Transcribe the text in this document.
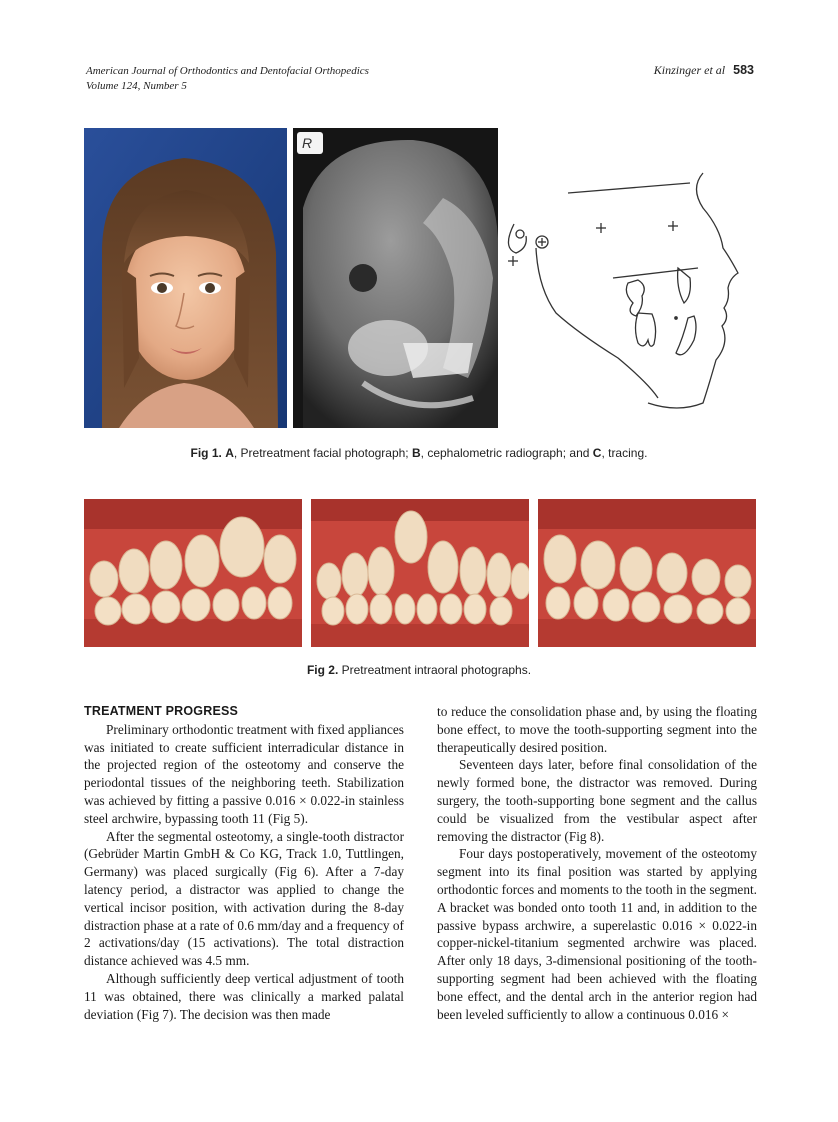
American Journal of Orthodontics and Dentofacial Orthopedics
Volume 124, Number 5
Kinzinger et al 583
R
Fig 1. A, Pretreatment facial photograph; B, cephalometric radiograph; and C, tracing.
Fig 2. Pretreatment intraoral photographs.
TREATMENT PROGRESS

Preliminary orthodontic treatment with fixed appliances was initiated to create sufficient interradicular distance in the projected region of the osteotomy and conserve the periodontal tissues of the neighboring teeth. Stabilization was achieved by fitting a passive 0.016 × 0.022-in stainless steel archwire, bypassing tooth 11 (Fig 5).

After the segmental osteotomy, a single-tooth distractor (Gebrüder Martin GmbH & Co KG, Track 1.0, Tuttlingen, Germany) was placed surgically (Fig 6). After a 7-day latency period, a distractor was applied to change the vertical incisor position, with activation during the 8-day distraction phase at a rate of 0.6 mm/day and a frequency of 2 activations/day (15 activations). The total distraction distance achieved was 4.5 mm.

Although sufficiently deep vertical adjustment of tooth 11 was obtained, there was clinically a marked palatal deviation (Fig 7). The decision was then made

to reduce the consolidation phase and, by using the floating bone effect, to move the tooth-supporting segment into the therapeutically desired position.

Seventeen days later, before final consolidation of the newly formed bone, the distractor was removed. During surgery, the tooth-supporting bone segment and the callus could be visualized from the vestibular aspect after removing the distractor (Fig 8).

Four days postoperatively, movement of the osteotomy segment into its final position was started by applying orthodontic forces and moments to the tooth in the segment. A bracket was bonded onto tooth 11 and, in addition to the passive bypass archwire, a superelastic 0.016 × 0.022-in copper-nickel-titanium segmented archwire was placed. After only 18 days, 3-dimensional positioning of the tooth-supporting segment had been achieved with the floating bone effect, and the dental arch in the anterior region had been leveled sufficiently to allow a continuous 0.016 ×
